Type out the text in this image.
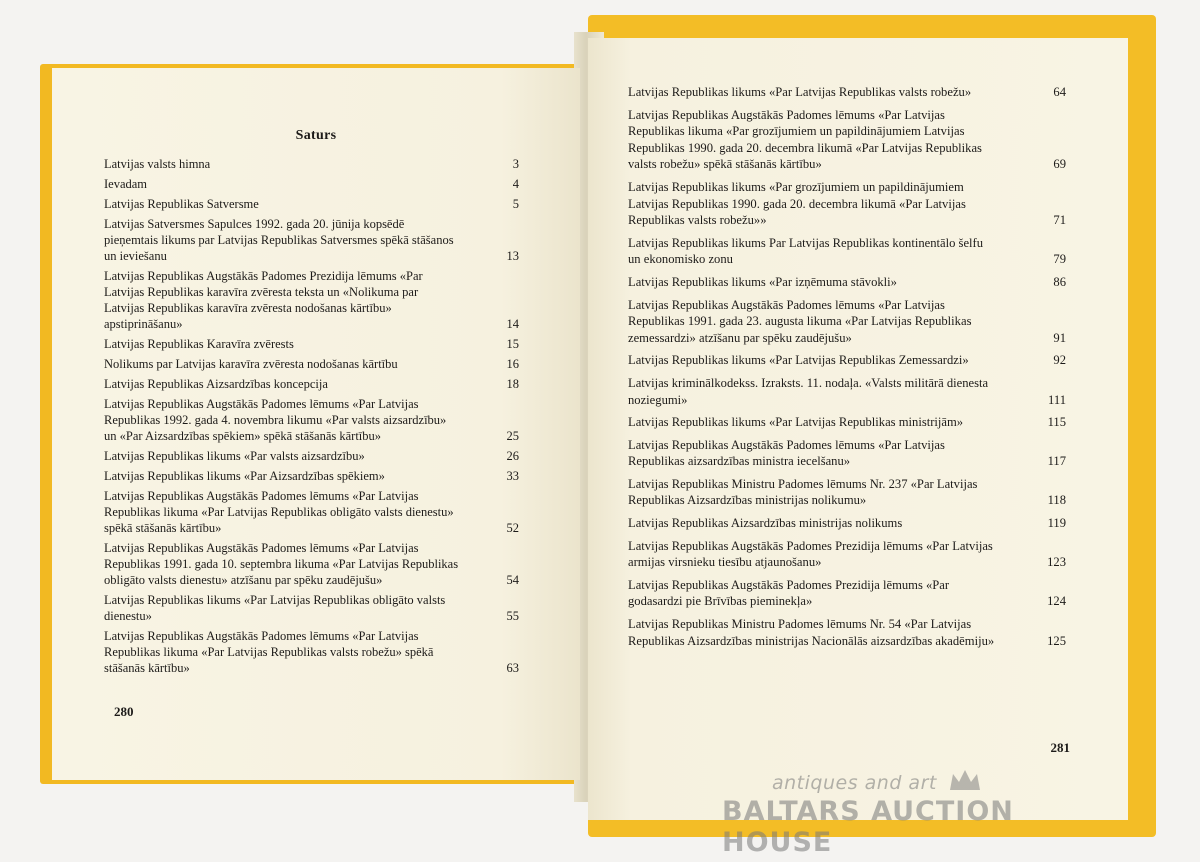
Saturs
Latvijas valsts himna	3
Ievadam	4
Latvijas Republikas Satversme	5
Latvijas Satversmes Sapulces 1992. gada 20. jūnija kopsēdē pieņemtais likums par Latvijas Republikas Satversmes spēkā stāšanos un ieviešanu	13
Latvijas Republikas Augstākās Padomes Prezidija lēmums «Par Latvijas Republikas karavīra zvēresta teksta un «Nolikuma par Latvijas Republikas karavīra zvēresta nodošanas kārtību» apstiprināšanu»	14
Latvijas Republikas Karavīra zvērests	15
Nolikums par Latvijas karavīra zvēresta nodošanas kārtību	16
Latvijas Republikas Aizsardzības koncepcija	18
Latvijas Republikas Augstākās Padomes lēmums «Par Latvijas Republikas 1992. gada 4. novembra likumu «Par valsts aizsardzību» un «Par Aizsardzības spēkiem» spēkā stāšanās kārtību»	25
Latvijas Republikas likums «Par valsts aizsardzību»	26
Latvijas Republikas likums «Par Aizsardzības spēkiem»	33
Latvijas Republikas Augstākās Padomes lēmums «Par Latvijas Republikas likuma «Par Latvijas Republikas obligāto valsts dienestu» spēkā stāšanās kārtību»	52
Latvijas Republikas Augstākās Padomes lēmums «Par Latvijas Republikas 1991. gada 10. septembra likuma «Par Latvijas Republikas obligāto valsts dienestu» atzīšanu par spēku zaudējušu»	54
Latvijas Republikas likums «Par Latvijas Republikas obligāto valsts dienestu»	55
Latvijas Republikas Augstākās Padomes lēmums «Par Latvijas Republikas likuma «Par Latvijas Republikas valsts robežu» spēkā stāšanās kārtību»	63
280
Latvijas Republikas likums «Par Latvijas Republikas valsts robežu»	64
Latvijas Republikas Augstākās Padomes lēmums «Par Latvijas Republikas likuma «Par grozījumiem un papildinājumiem Latvijas Republikas 1990. gada 20. decembra likumā «Par Latvijas Republikas valsts robežu» spēkā stāšanās kārtību»	69
Latvijas Republikas likums «Par grozījumiem un papildinājumiem Latvijas Republikas 1990. gada 20. decembra likumā «Par Latvijas Republikas valsts robežu»»	71
Latvijas Republikas likums Par Latvijas Republikas kontinentālo šelfu un ekonomisko zonu	79
Latvijas Republikas likums «Par izņēmuma stāvokli»	86
Latvijas Republikas Augstākās Padomes lēmums «Par Latvijas Republikas 1991. gada 23. augusta likuma «Par Latvijas Republikas zemessardzi» atzīšanu par spēku zaudējušu»	91
Latvijas Republikas likums «Par Latvijas Republikas Zemessardzi»	92
Latvijas kriminālkodekss. Izraksts. 11. nodaļa. «Valsts militārā dienesta noziegumi»	111
Latvijas Republikas likums «Par Latvijas Republikas ministrijām»	115
Latvijas Republikas Augstākās Padomes lēmums «Par Latvijas Republikas aizsardzības ministra iecelšanu»	117
Latvijas Republikas Ministru Padomes lēmums Nr. 237 «Par Latvijas Republikas Aizsardzības ministrijas nolikumu»	118
Latvijas Republikas Aizsardzības ministrijas nolikums	119
Latvijas Republikas Augstākās Padomes Prezidija lēmums «Par Latvijas armijas virsnieku tiesību atjaunošanu»	123
Latvijas Republikas Augstākās Padomes Prezidija lēmums «Par godasardzi pie Brīvības pieminekļa»	124
Latvijas Republikas Ministru Padomes lēmums Nr. 54 «Par Latvijas Republikas Aizsardzības ministrijas Nacionālās aizsardzības akadēmiju»	125
281
antiques and art
BALTARS AUCTION HOUSE
